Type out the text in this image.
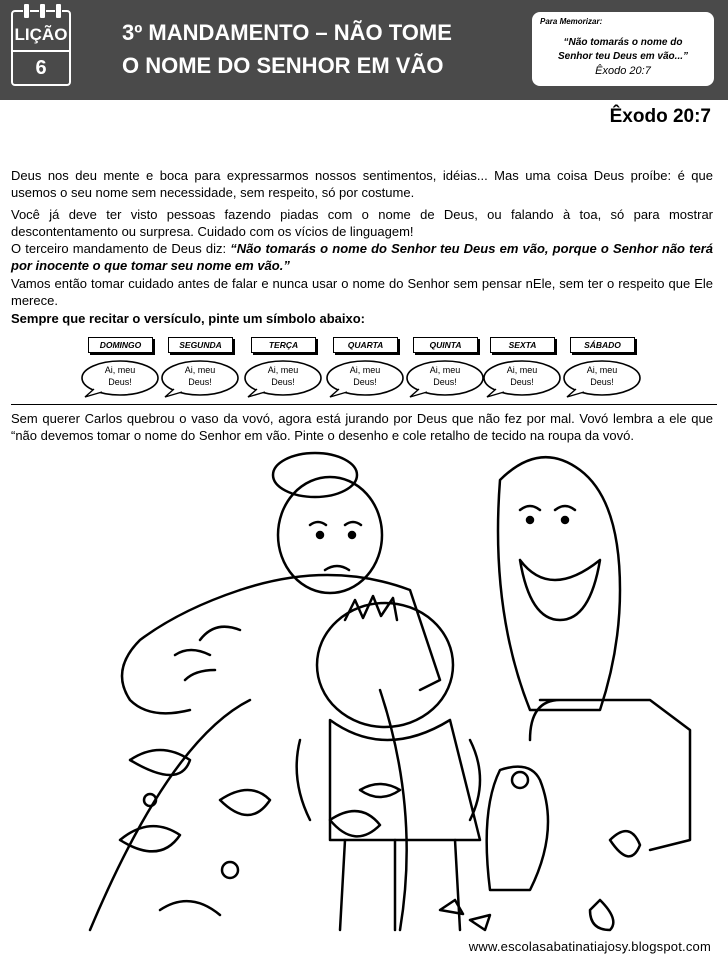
LIÇÃO
6
3º MANDAMENTO – NÃO TOME
O NOME DO SENHOR EM VÃO
Para Memorizar:
“Não tomarás o nome do
Senhor teu Deus em vão...”
Êxodo 20:7
Êxodo 20:7

Deus nos deu mente e boca para expressarmos nossos sentimentos, idéias... Mas uma coisa Deus proíbe: é que usemos o seu nome sem necessidade, sem respeito, só por costume.

Você já deve ter visto pessoas fazendo piadas com o nome de Deus, ou falando à toa, só para mostrar descontentamento ou surpresa. Cuidado com os vícios de linguagem!

O terceiro mandamento de Deus diz: “Não tomarás o nome do Senhor teu Deus em vão, porque o Senhor não terá por inocente o que tomar seu nome em vão.”

Vamos então tomar cuidado antes de falar e nunca usar o nome do Senhor sem pensar nEle, sem ter o respeito que Ele merece.

Sempre que recitar o versículo, pinte um símbolo abaixo:

DOMINGO
Ai, meu
Deus!
SEGUNDA
Ai, meu
Deus!
TERÇA
Ai, meu
Deus!
QUARTA
Ai, meu
Deus!
QUINTA
Ai, meu
Deus!
SEXTA
Ai, meu
Deus!
SÁBADO
Ai, meu
Deus!

Sem querer Carlos quebrou o vaso da vovó, agora está jurando por Deus que não fez por mal. Vovó lembra a ele que “não devemos tomar o nome do Senhor em vão. Pinte o desenho e cole retalho de tecido na roupa da vovó.

www.escolasabatinatiajosy.blogspot.com
